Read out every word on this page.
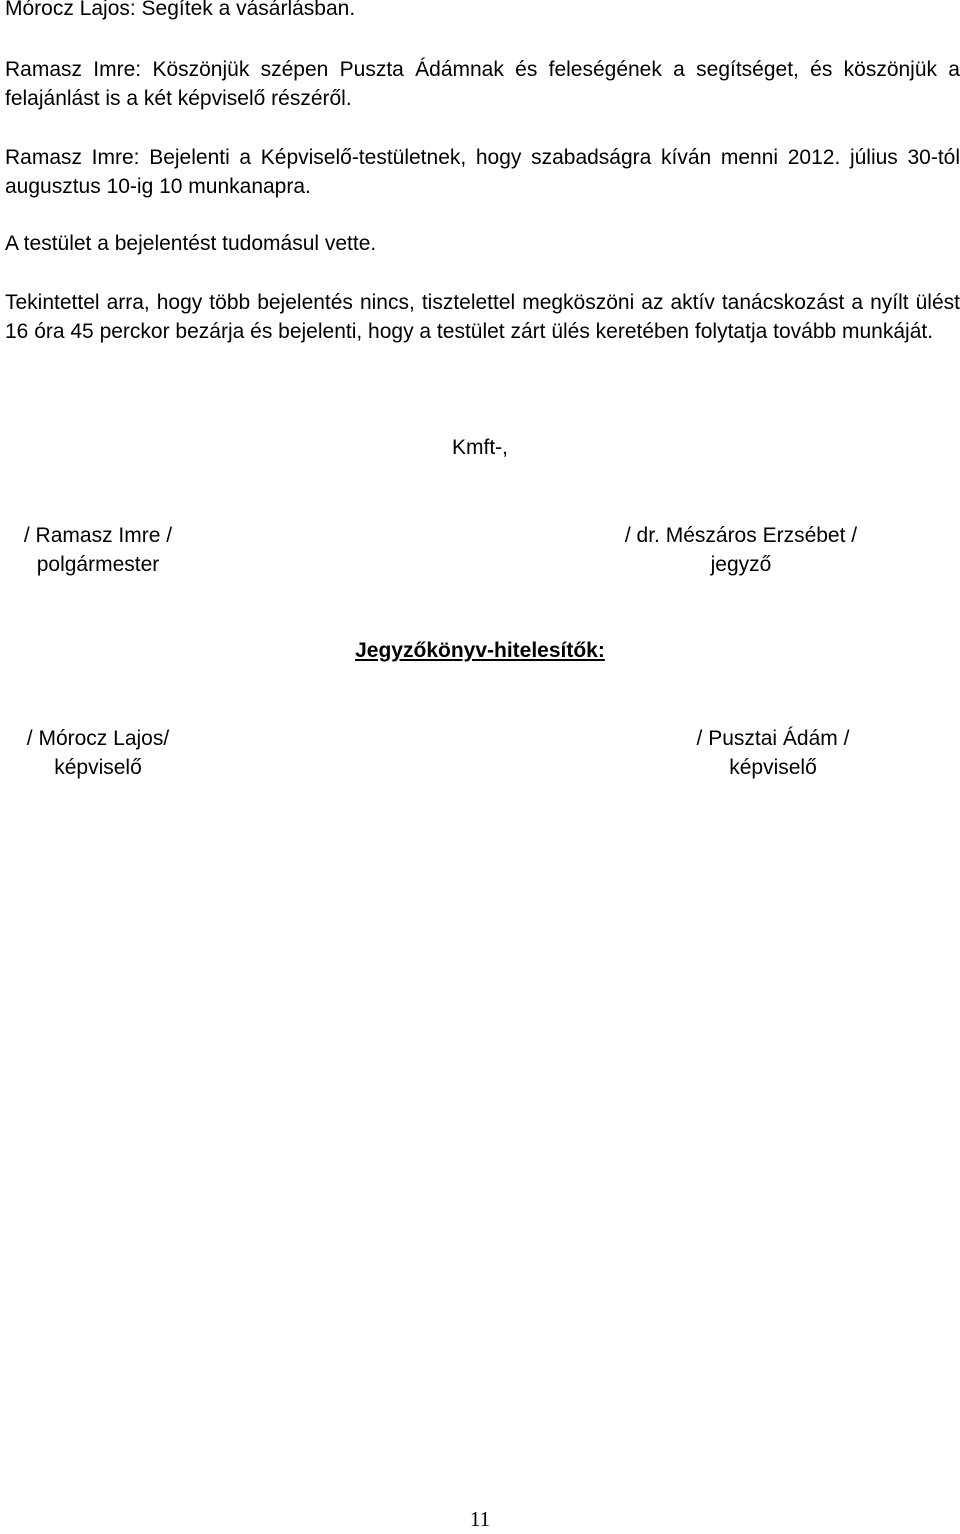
Mórocz Lajos: Segítek a vásárlásban.

Ramasz Imre: Köszönjük szépen Puszta Ádámnak és feleségének a segítséget, és köszönjük a felajánlást is a két képviselő részéről.

Ramasz Imre: Bejelenti a Képviselő-testületnek, hogy szabadságra kíván menni 2012. július 30-tól augusztus 10-ig 10 munkanapra.

A testület a bejelentést tudomásul vette.

Tekintettel arra, hogy több bejelentés nincs, tisztelettel megköszöni az aktív tanácskozást a nyílt ülést 16 óra 45 perckor bezárja és bejelenti, hogy a testület zárt ülés keretében folytatja tovább munkáját.

Kmft-,
/ Ramasz Imre /
polgármester
/ dr. Mészáros Erzsébet /
jegyző
Jegyzőkönyv-hitelesítők:
/ Mórocz Lajos/
képviselő
/ Pusztai Ádám /
képviselő
11
